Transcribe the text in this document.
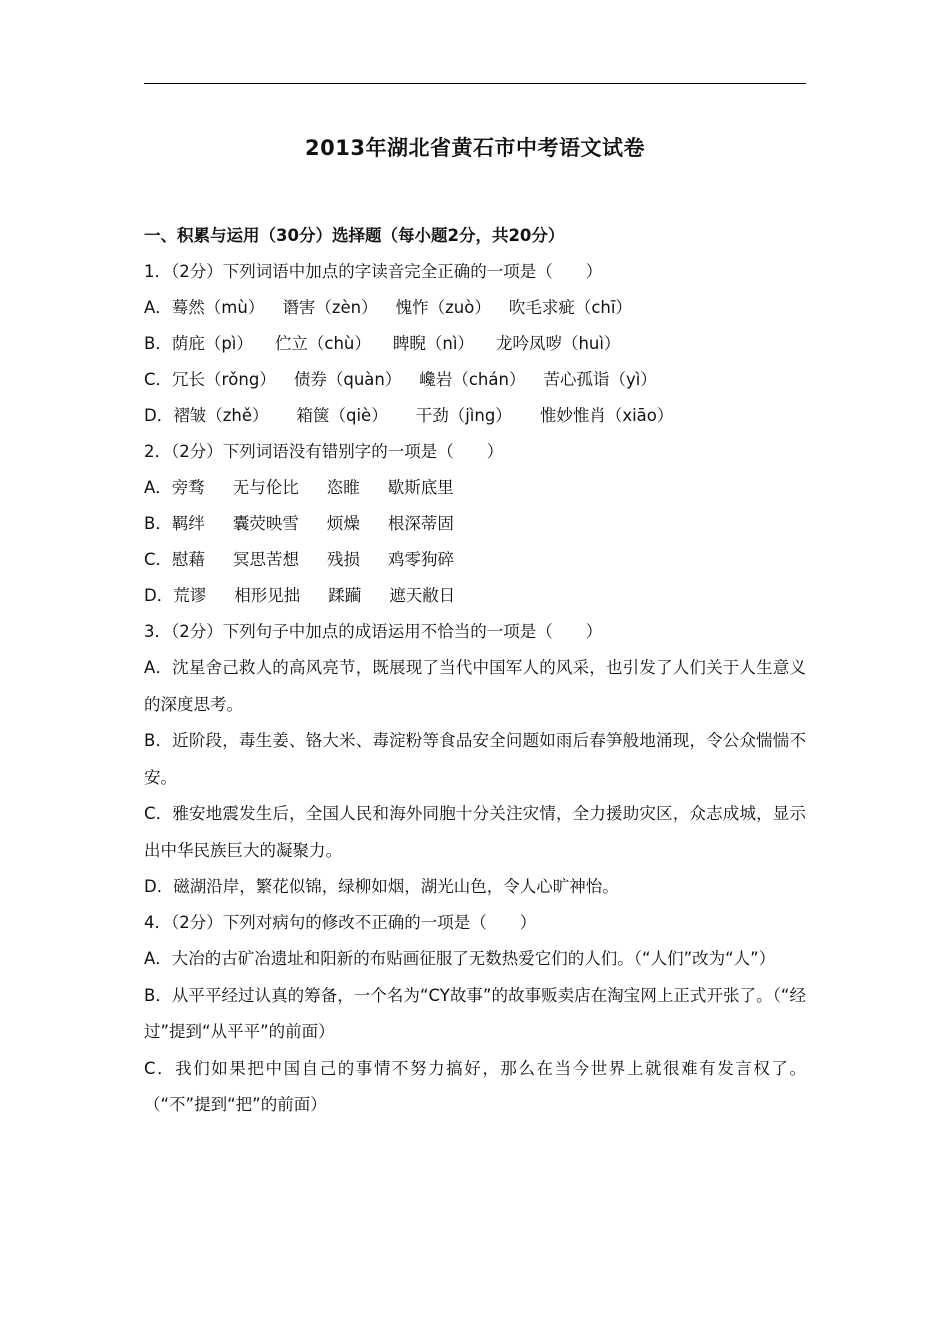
2013年湖北省黄石市中考语文试卷
一、积累与运用（30分）选择题（每小题2分，共20分）
1．（2分）下列词语中加点的字读音完全正确的一项是（　　）
A．蓦然（mù） 谮害（zèn） 愧怍（zuò） 吹毛求疵（chī）
B．荫庇（pì） 伫立（chù） 睥睨（nì） 龙吟凤哕（huì）
C．冗长（rǒng） 债券（quàn） 巉岩（chán） 苦心孤诣（yì）
D．褶皱（zhě） 箱箧（qiè） 干劲（jìng） 惟妙惟肖（xiāo）
2．（2分）下列词语没有错别字的一项是（　　）
A．旁骛 无与伦比 恣睢 歇斯底里
B．羁绊 囊荧映雪 烦燥 根深蒂固
C．慰藉 冥思苦想 残损 鸡零狗碎
D．荒谬 相形见拙 蹂躏 遮天敝日
3．（2分）下列句子中加点的成语运用不恰当的一项是（　　）
A．沈星舍己救人的高风亮节，既展现了当代中国军人的风采，也引发了人们关于人生意义的深度思考。
B．近阶段，毒生姜、铬大米、毒淀粉等食品安全问题如雨后春笋般地涌现，令公众惴惴不安。
C．雅安地震发生后，全国人民和海外同胞十分关注灾情，全力援助灾区，众志成城，显示出中华民族巨大的凝聚力。
D．磁湖沿岸，繁花似锦，绿柳如烟，湖光山色，令人心旷神怡。
4．（2分）下列对病句的修改不正确的一项是（　　）
A．大冶的古矿冶遗址和阳新的布贴画征服了无数热爱它们的人们。（“人们”改为“人”）
B．从平平经过认真的筹备，一个名为“CY故事”的故事贩卖店在淘宝网上正式开张了。（“经过”提到“从平平”的前面）
C．我们如果把中国自己的事情不努力搞好，那么在当今世界上就很难有发言权了。（“不”提到“把”的前面）
